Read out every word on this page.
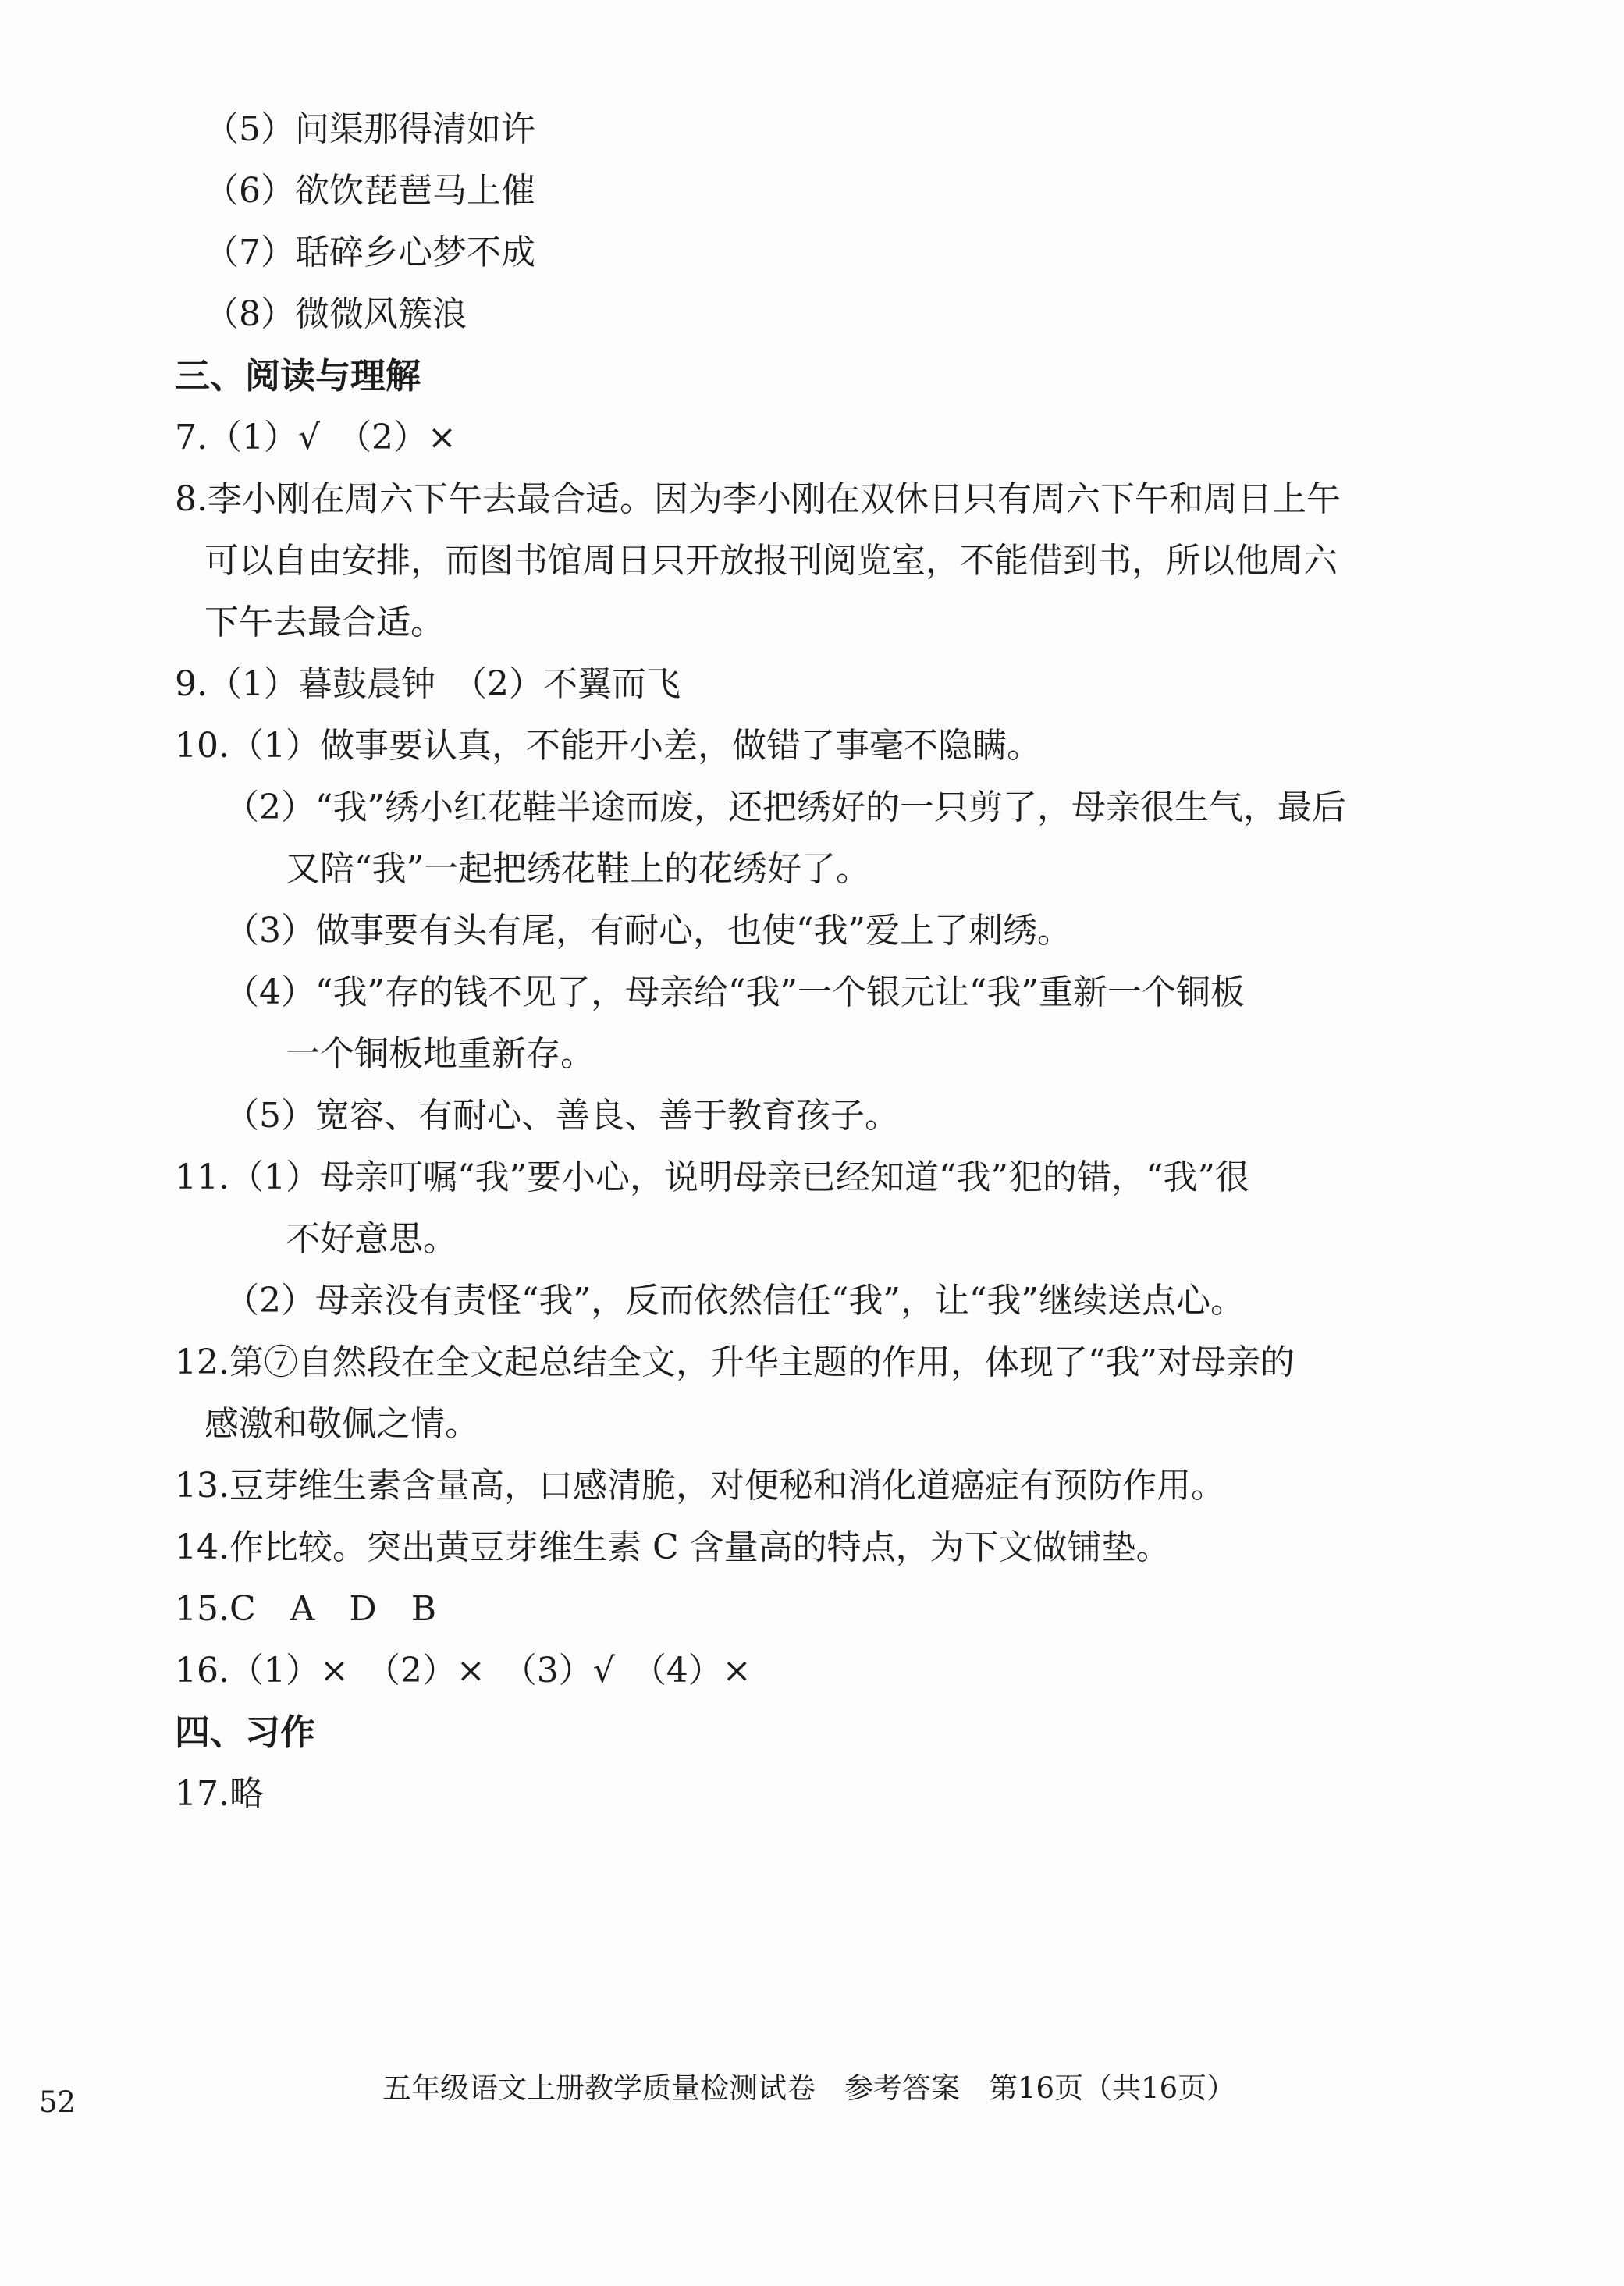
（5）问渠那得清如许
（6）欲饮琵琶马上催
（7）聒碎乡心梦不成
（8）微微风簇浪
三、阅读与理解
7.（1）√　（2）×
8.李小刚在周六下午去最合适。因为李小刚在双休日只有周六下午和周日上午
可以自由安排，而图书馆周日只开放报刊阅览室，不能借到书，所以他周六
下午去最合适。
9.（1）暮鼓晨钟　（2）不翼而飞
10.（1）做事要认真，不能开小差，做错了事毫不隐瞒。
（2）“我”绣小红花鞋半途而废，还把绣好的一只剪了，母亲很生气，最后
又陪“我”一起把绣花鞋上的花绣好了。
（3）做事要有头有尾，有耐心，也使“我”爱上了刺绣。
（4）“我”存的钱不见了，母亲给“我”一个银元让“我”重新一个铜板
一个铜板地重新存。
（5）宽容、有耐心、善良、善于教育孩子。
11.（1）母亲叮嘱“我”要小心，说明母亲已经知道“我”犯的错，“我”很
不好意思。
（2）母亲没有责怪“我”，反而依然信任“我”，让“我”继续送点心。
12.第⑦自然段在全文起总结全文，升华主题的作用，体现了“我”对母亲的
感激和敬佩之情。
13.豆芽维生素含量高，口感清脆，对便秘和消化道癌症有预防作用。
14.作比较。突出黄豆芽维生素 C 含量高的特点，为下文做铺垫。
15.C　A　D　B
16.（1）×　（2）×　（3）√　（4）×
四、习作
17.略
52	五年级语文上册教学质量检测试卷　参考答案　第16页（共16页）
